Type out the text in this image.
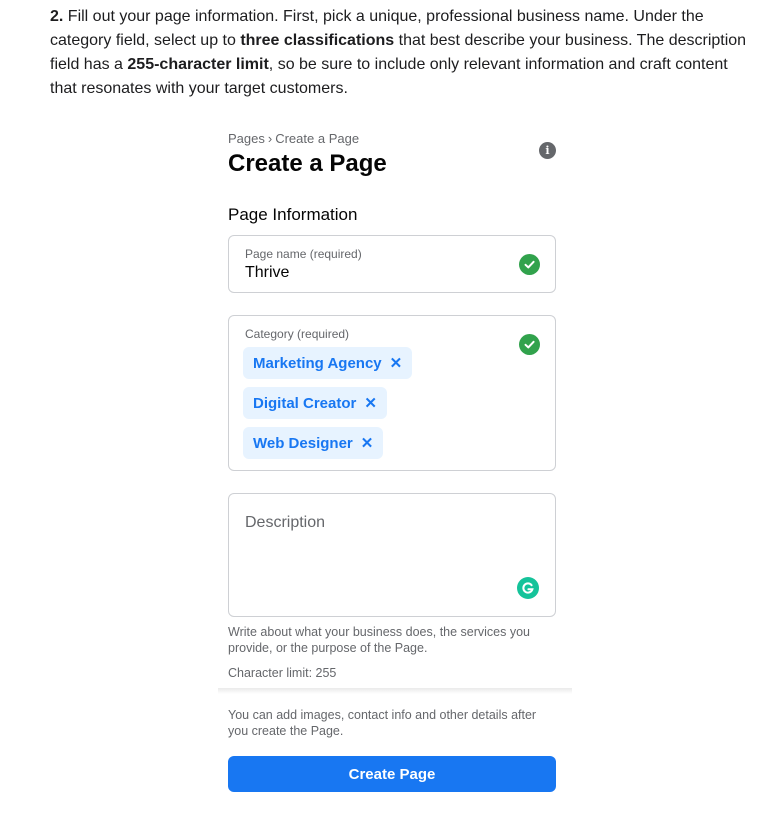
2. Fill out your page information. First, pick a unique, professional business name. Under the category field, select up to three classifications that best describe your business. The description field has a 255-character limit, so be sure to include only relevant information and craft content that resonates with your target customers.
Pages › Create a Page
Create a Page	i
Page Information
Page name (required)
Thrive
Category (required)
Marketing Agency ✕
Digital Creator ✕
Web Designer ✕
Description
Write about what your business does, the services you provide, or the purpose of the Page.
Character limit: 255
You can add images, contact info and other details after you create the Page.
Create Page
